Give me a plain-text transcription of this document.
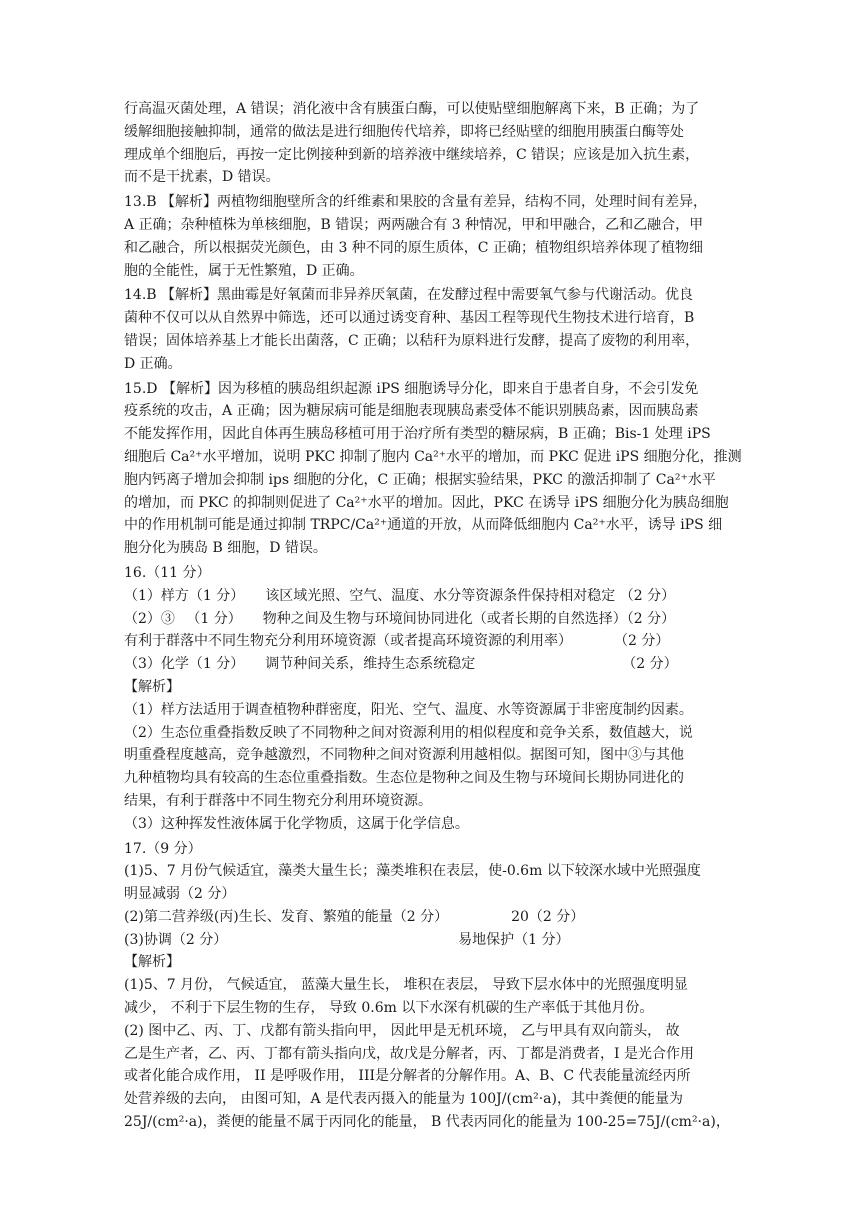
行高温灭菌处理，A 错误；消化液中含有胰蛋白酶，可以使贴壁细胞解离下来，B 正确；为了
缓解细胞接触抑制，通常的做法是进行细胞传代培养，即将已经贴壁的细胞用胰蛋白酶等处
理成单个细胞后，再按一定比例接种到新的培养液中继续培养，C 错误；应该是加入抗生素，
而不是干扰素，D 错误。
13.B 【解析】两植物细胞壁所含的纤维素和果胶的含量有差异，结构不同，处理时间有差异，
A 正确；杂种植株为单核细胞，B 错误；两两融合有 3 种情况，甲和甲融合，乙和乙融合，甲
和乙融合，所以根据荧光颜色，由 3 种不同的原生质体，C 正确；植物组织培养体现了植物细
胞的全能性，属于无性繁殖，D 正确。
14.B 【解析】黑曲霉是好氧菌而非异养厌氧菌，在发酵过程中需要氧气参与代谢活动。优良
菌种不仅可以从自然界中筛选，还可以通过诱变育种、基因工程等现代生物技术进行培育，B
错误；固体培养基上才能长出菌落，C 正确；以秸秆为原料进行发酵，提高了废物的利用率，
D 正确。
15.D 【解析】因为移植的胰岛组织起源 iPS 细胞诱导分化，即来自于患者自身，不会引发免
疫系统的攻击，A 正确；因为糖尿病可能是细胞表现胰岛素受体不能识别胰岛素，因而胰岛素
不能发挥作用，因此自体再生胰岛移植可用于治疗所有类型的糖尿病，B 正确；Bis-1 处理 iPS
细胞后 Ca²⁺水平增加，说明 PKC 抑制了胞内 Ca²⁺水平的增加，而 PKC 促进 iPS 细胞分化，推测
胞内钙离子增加会抑制 ips 细胞的分化，C 正确；根据实验结果，PKC 的激活抑制了 Ca²⁺水平
的增加，而 PKC 的抑制则促进了 Ca²⁺水平的增加。因此，PKC 在诱导 iPS 细胞分化为胰岛细胞
中的作用机制可能是通过抑制 TRPC/Ca²⁺通道的开放，从而降低细胞内 Ca²⁺水平，诱导 iPS 细
胞分化为胰岛 B 细胞，D 错误。
16.（11 分）
（1）样方（1 分）　　该区域光照、空气、温度、水分等资源条件保持相对稳定 （2 分）
（2）③ 　（1 分）　　物种之间及生物与环境间协同进化（或者长期的自然选择）（2 分）
有利于群落中不同生物充分利用环境资源（或者提高环境资源的利用率）　　　　（2 分）
（3）化学（1 分）　　调节种间关系，维持生态系统稳定　　　　　　　　　　　（2 分）
【解析】
（1）样方法适用于调查植物种群密度，阳光、空气、温度、水等资源属于非密度制约因素。
（2）生态位重叠指数反映了不同物种之间对资源利用的相似程度和竞争关系，数值越大，说
明重叠程度越高，竞争越激烈，不同物种之间对资源利用越相似。据图可知，图中③与其他
九种植物均具有较高的生态位重叠指数。生态位是物种之间及生物与环境间长期协同进化的
结果，有利于群落中不同生物充分利用环境资源。
（3）这种挥发性液体属于化学物质，这属于化学信息。
17.（9 分）
(1)5、7 月份气候适宜，藻类大量生长；藻类堆积在表层，使-0.6m 以下较深水域中光照强度
明显减弱（2 分）
(2)第二营养级(丙)生长、发育、繁殖的能量（2 分）　　　　　20（2 分）
(3)协调（2 分）　　　　　　　　　　　　　　　　　易地保护（1 分）
【解析】
(1)5、7 月份， 气候适宜， 蓝藻大量生长， 堆积在表层， 导致下层水体中的光照强度明显
减少， 不利于下层生物的生存， 导致 0.6m 以下水深有机碳的生产率低于其他月份。
(2) 图中乙、丙、丁、戊都有箭头指向甲， 因此甲是无机环境， 乙与甲具有双向箭头， 故
乙是生产者，乙、丙、丁都有箭头指向戊，故戊是分解者，丙、丁都是消费者，I 是光合作用
或者化能合成作用， II 是呼吸作用， III是分解者的分解作用。A、B、C 代表能量流经丙所
处营养级的去向， 由图可知，A 是代表丙摄入的能量为 100J/(cm²·a)，其中粪便的能量为
25J/(cm²·a)，粪便的能量不属于丙同化的能量， B 代表丙同化的能量为 100-25=75J/(cm²·a)，
